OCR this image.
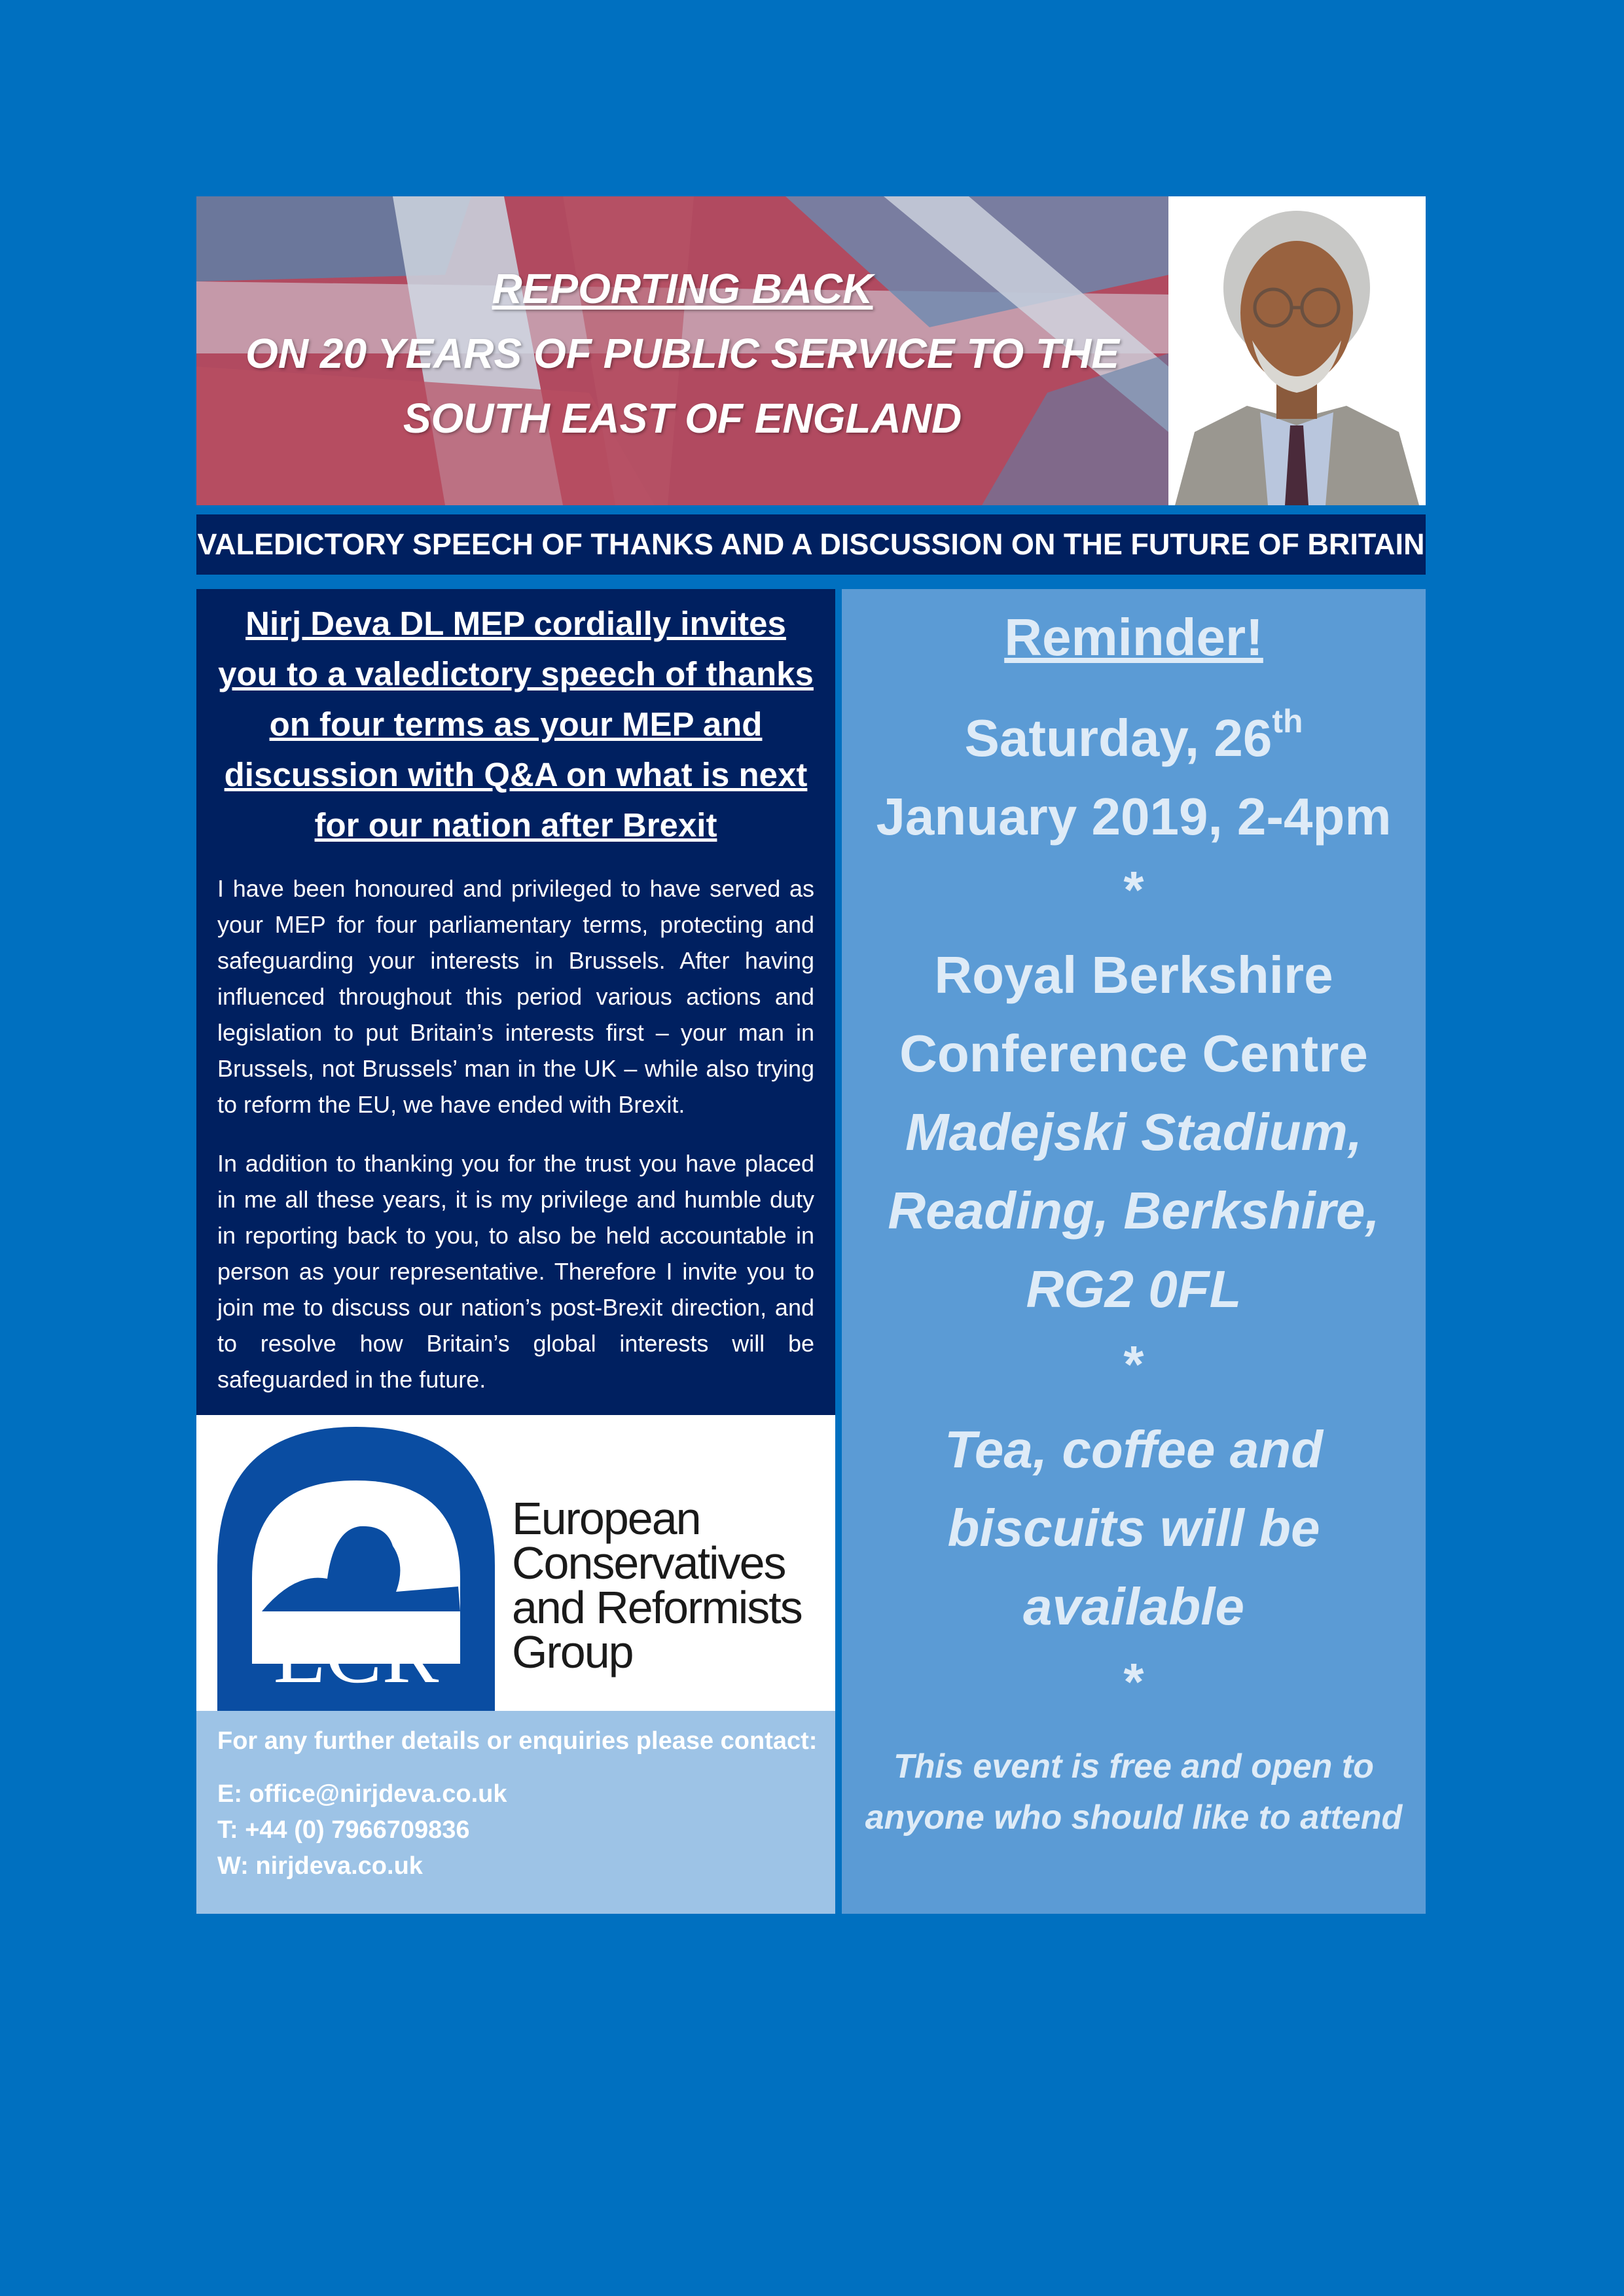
REPORTING BACK
ON 20 YEARS OF PUBLIC SERVICE TO THE
SOUTH EAST OF ENGLAND
VALEDICTORY SPEECH OF THANKS AND A DISCUSSION ON THE FUTURE OF BRITAIN
Nirj Deva DL MEP cordially invites you to a valedictory speech of thanks on four terms as your MEP and discussion with Q&A on what is next for our nation after Brexit
I have been honoured and privileged to have served as your MEP for four parliamentary terms, protecting and safeguarding your interests in Brussels. After having influenced throughout this period various actions and legislation to put Britain’s interests first – your man in Brussels, not Brussels’ man in the UK – while also trying to reform the EU, we have ended with Brexit.
In addition to thanking you for the trust you have placed in me all these years, it is my privilege and humble duty in reporting back to you, to also be held accountable in person as your representative. Therefore I invite you to join me to discuss our nation’s post-Brexit direction, and to resolve how Britain’s global interests will be safeguarded in the future.
ECR
European
Conservatives
and Reformists
Group
For any further details or enquiries please contact:
E: office@nirjdeva.co.uk
T: +44 (0) 7966709836
W: nirjdeva.co.uk
Reminder!
Saturday, 26th
January 2019, 2-4pm
*
Royal Berkshire
Conference Centre
Madejski Stadium,
Reading, Berkshire,
RG2 0FL
*
Tea, coffee and
biscuits will be
available
*
This event is free and open to
anyone who should like to attend
